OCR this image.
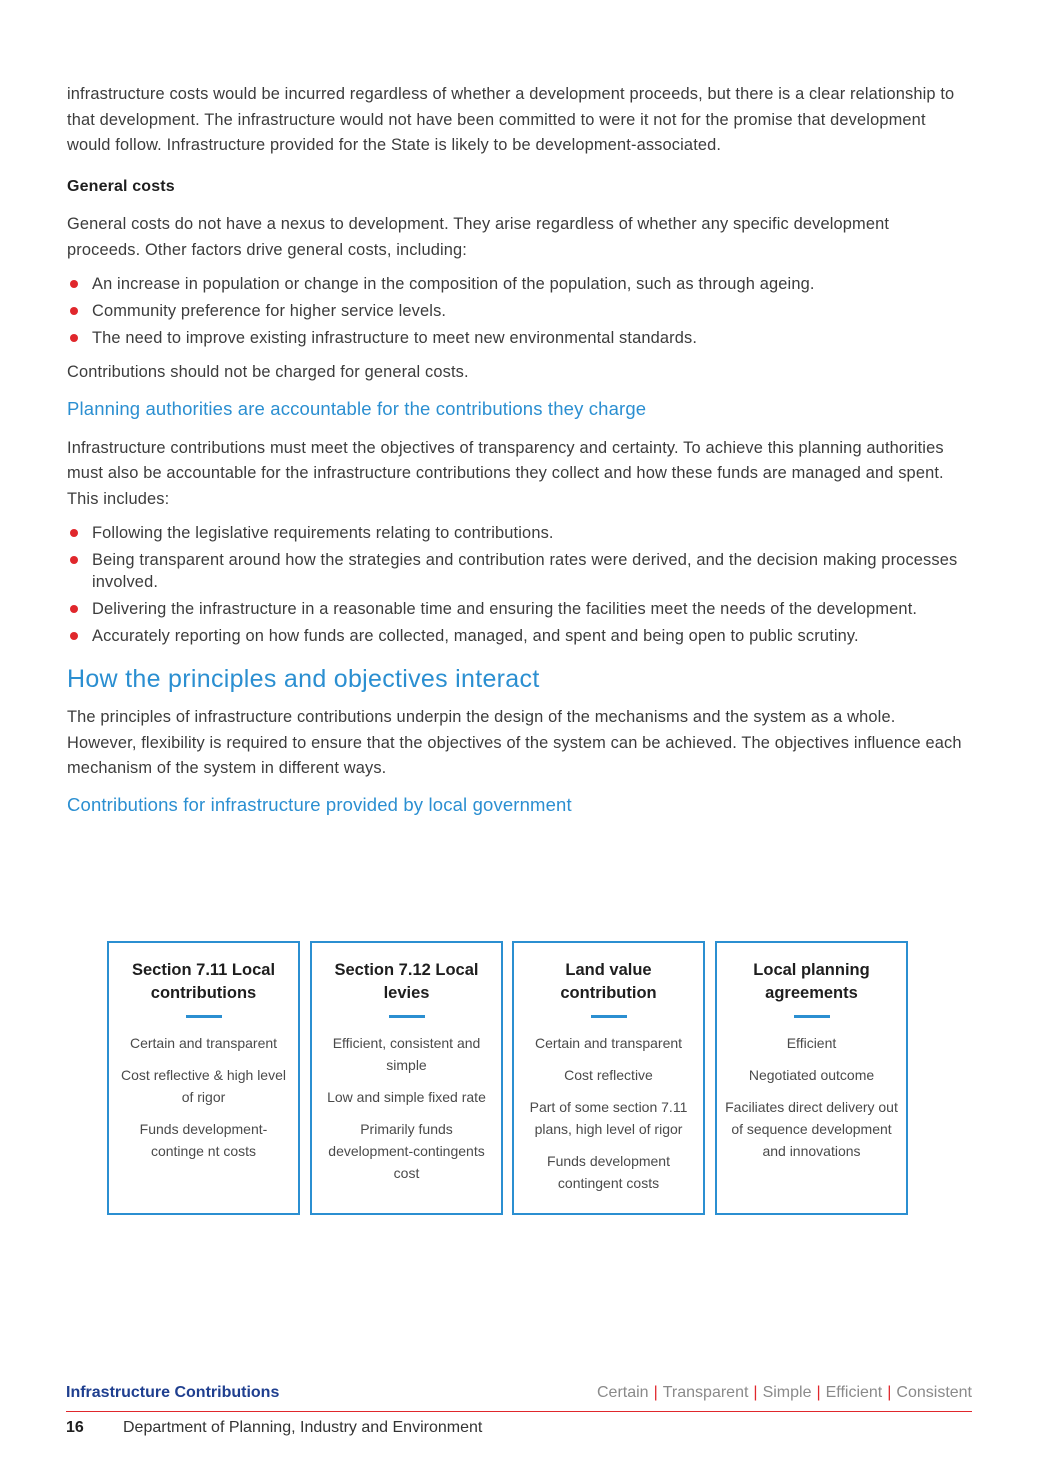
infrastructure costs would be incurred regardless of whether a development proceeds, but there is a clear relationship to that development. The infrastructure would not have been committed to were it not for the promise that development would follow. Infrastructure provided for the State is likely to be development-associated.

General costs

General costs do not have a nexus to development. They arise regardless of whether any specific development proceeds. Other factors drive general costs, including:

An increase in population or change in the composition of the population, such as through ageing.
Community preference for higher service levels.
The need to improve existing infrastructure to meet new environmental standards.

Contributions should not be charged for general costs.

Planning authorities are accountable for the contributions they charge

Infrastructure contributions must meet the objectives of transparency and certainty. To achieve this planning authorities must also be accountable for the infrastructure contributions they collect and how these funds are managed and spent. This includes:

Following the legislative requirements relating to contributions.
Being transparent around how the strategies and contribution rates were derived, and the decision making processes involved.
Delivering the infrastructure in a reasonable time and ensuring the facilities meet the needs of the development.
Accurately reporting on how funds are collected, managed, and spent and being open to public scrutiny.

How the principles and objectives interact

The principles of infrastructure contributions underpin the design of the mechanisms and the system as a whole. However, flexibility is required to ensure that the objectives of the system can be achieved. The objectives influence each mechanism of the system in different ways.

Contributions for infrastructure provided by local government

Section 7.11 Local contributions
Certain and transparent
Cost reflective & high level of rigor
Funds development-continge nt costs
Section 7.12 Local levies
Efficient, consistent and simple
Low and simple fixed rate
Primarily funds development-contingents cost
Land value contribution
Certain and transparent
Cost reflective
Part of some section 7.11 plans, high level of rigor
Funds development contingent costs
Local planning agreements
Efficient
Negotiated outcome
Faciliates direct delivery out of sequence development and innovations
Infrastructure Contributions	Certain | Transparent | Simple | Efficient | Consistent
16 Department of Planning, Industry and Environment
